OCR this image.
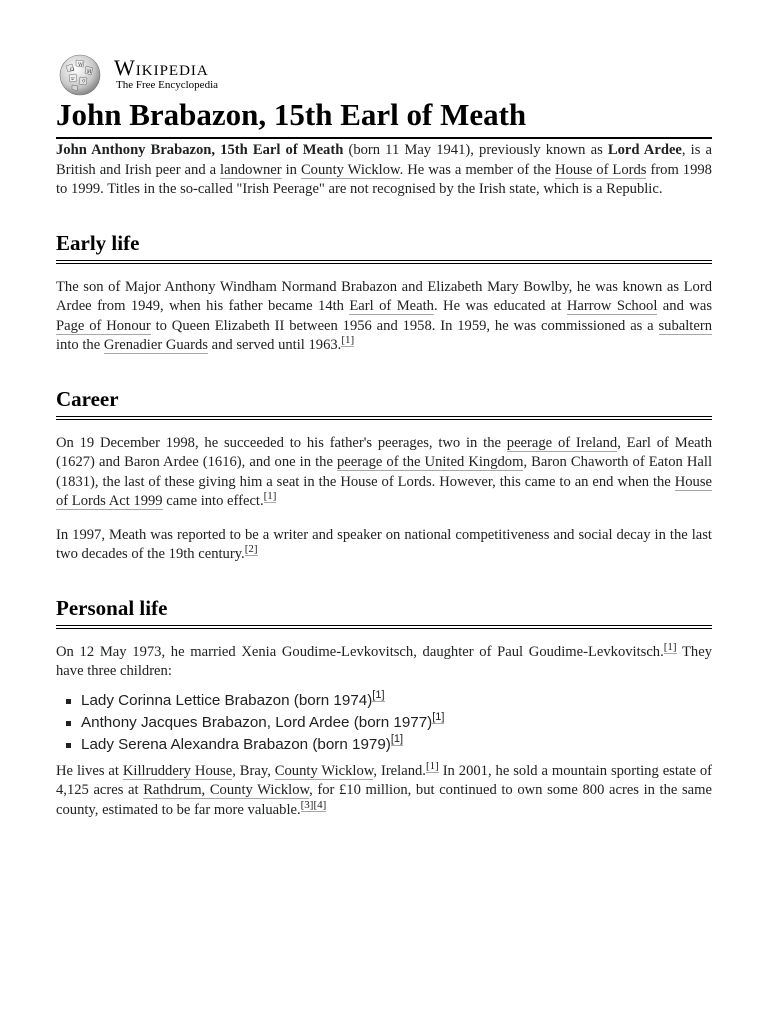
Ω
W
И
ש ウ
Wikipedia
The Free Encyclopedia
John Brabazon, 15th Earl of Meath

John Anthony Brabazon, 15th Earl of Meath (born 11 May 1941), previously known as Lord Ardee, is a British and Irish peer and a landowner in County Wicklow. He was a member of the House of Lords from 1998 to 1999. Titles in the so-called "Irish Peerage" are not recognised by the Irish state, which is a Republic.

Early life

The son of Major Anthony Windham Normand Brabazon and Elizabeth Mary Bowlby, he was known as Lord Ardee from 1949, when his father became 14th Earl of Meath. He was educated at Harrow School and was Page of Honour to Queen Elizabeth II between 1956 and 1958. In 1959, he was commissioned as a subaltern into the Grenadier Guards and served until 1963.[1]

Career

On 19 December 1998, he succeeded to his father's peerages, two in the peerage of Ireland, Earl of Meath (1627) and Baron Ardee (1616), and one in the peerage of the United Kingdom, Baron Chaworth of Eaton Hall (1831), the last of these giving him a seat in the House of Lords. However, this came to an end when the House of Lords Act 1999 came into effect.[1]

In 1997, Meath was reported to be a writer and speaker on national competitiveness and social decay in the last two decades of the 19th century.[2]

Personal life

On 12 May 1973, he married Xenia Goudime-Levkovitsch, daughter of Paul Goudime-Levkovitsch.[1] They have three children:

Lady Corinna Lettice Brabazon (born 1974)[1]
Anthony Jacques Brabazon, Lord Ardee (born 1977)[1]
Lady Serena Alexandra Brabazon (born 1979)[1]

He lives at Killruddery House, Bray, County Wicklow, Ireland.[1] In 2001, he sold a mountain sporting estate of 4,125 acres at Rathdrum, County Wicklow, for £10 million, but continued to own some 800 acres in the same county, estimated to be far more valuable.[3][4]
